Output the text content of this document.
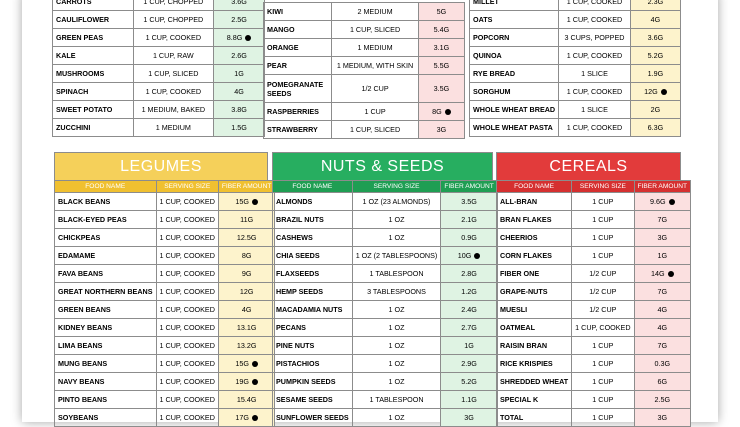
CARROTS	1 CUP, CHOPPED	3.6G
CAULIFLOWER	1 CUP, CHOPPED	2.5G
GREEN PEAS	1 CUP, COOKED	8.8G
KALE	1 CUP, RAW	2.6G
MUSHROOMS	1 CUP, SLICED	1G
SPINACH	1 CUP, COOKED	4G
SWEET POTATO	1 MEDIUM, BAKED	3.8G
ZUCCHINI	1 MEDIUM	1.5G
KIWI	2 MEDIUM	5G
MANGO	1 CUP, SLICED	5.4G
ORANGE	1 MEDIUM	3.1G
PEAR	1 MEDIUM, WITH SKIN	5.5G
POMEGRANATE SEEDS	1/2 CUP	3.5G
RASPBERRIES	1 CUP	8G
STRAWBERRY	1 CUP, SLICED	3G
MILLET	1 CUP, COOKED	2.3G
OATS	1 CUP, COOKED	4G
POPCORN	3 CUPS, POPPED	3.6G
QUINOA	1 CUP, COOKED	5.2G
RYE BREAD	1 SLICE	1.9G
SORGHUM	1 CUP, COOKED	12G
WHOLE WHEAT BREAD	1 SLICE	2G
WHOLE WHEAT PASTA	1 CUP, COOKED	6.3G
LEGUMES
FOOD NAME	SERVING SIZE	FIBER AMOUNT
BLACK BEANS	1 CUP, COOKED	15G
BLACK-EYED PEAS	1 CUP, COOKED	11G
CHICKPEAS	1 CUP, COOKED	12.5G
EDAMAME	1 CUP, COOKED	8G
FAVA BEANS	1 CUP, COOKED	9G
GREAT NORTHERN BEANS	1 CUP, COOKED	12G
GREEN BEANS	1 CUP, COOKED	4G
KIDNEY BEANS	1 CUP, COOKED	13.1G
LIMA BEANS	1 CUP, COOKED	13.2G
MUNG BEANS	1 CUP, COOKED	15G
NAVY BEANS	1 CUP, COOKED	19G
PINTO BEANS	1 CUP, COOKED	15.4G
SOYBEANS	1 CUP, COOKED	17G
NUTS & SEEDS
FOOD NAME	SERVING SIZE	FIBER AMOUNT
ALMONDS	1 OZ (23 ALMONDS)	3.5G
BRAZIL NUTS	1 OZ	2.1G
CASHEWS	1 OZ	0.9G
CHIA SEEDS	1 OZ (2 TABLESPOONS)	10G
FLAXSEEDS	1 TABLESPOON	2.8G
HEMP SEEDS	3 TABLESPOONS	1.2G
MACADAMIA NUTS	1 OZ	2.4G
PECANS	1 OZ	2.7G
PINE NUTS	1 OZ	1G
PISTACHIOS	1 OZ	2.9G
PUMPKIN SEEDS	1 OZ	5.2G
SESAME SEEDS	1 TABLESPOON	1.1G
SUNFLOWER SEEDS	1 OZ	3G
CEREALS
FOOD NAME	SERVING SIZE	FIBER AMOUNT
ALL-BRAN	1 CUP	9.6G
BRAN FLAKES	1 CUP	7G
CHEERIOS	1 CUP	3G
CORN FLAKES	1 CUP	1G
FIBER ONE	1/2 CUP	14G
GRAPE-NUTS	1/2 CUP	7G
MUESLI	1/2 CUP	4G
OATMEAL	1 CUP, COOKED	4G
RAISIN BRAN	1 CUP	7G
RICE KRISPIES	1 CUP	0.3G
SHREDDED WHEAT	1 CUP	6G
SPECIAL K	1 CUP	2.5G
TOTAL	1 CUP	3G
